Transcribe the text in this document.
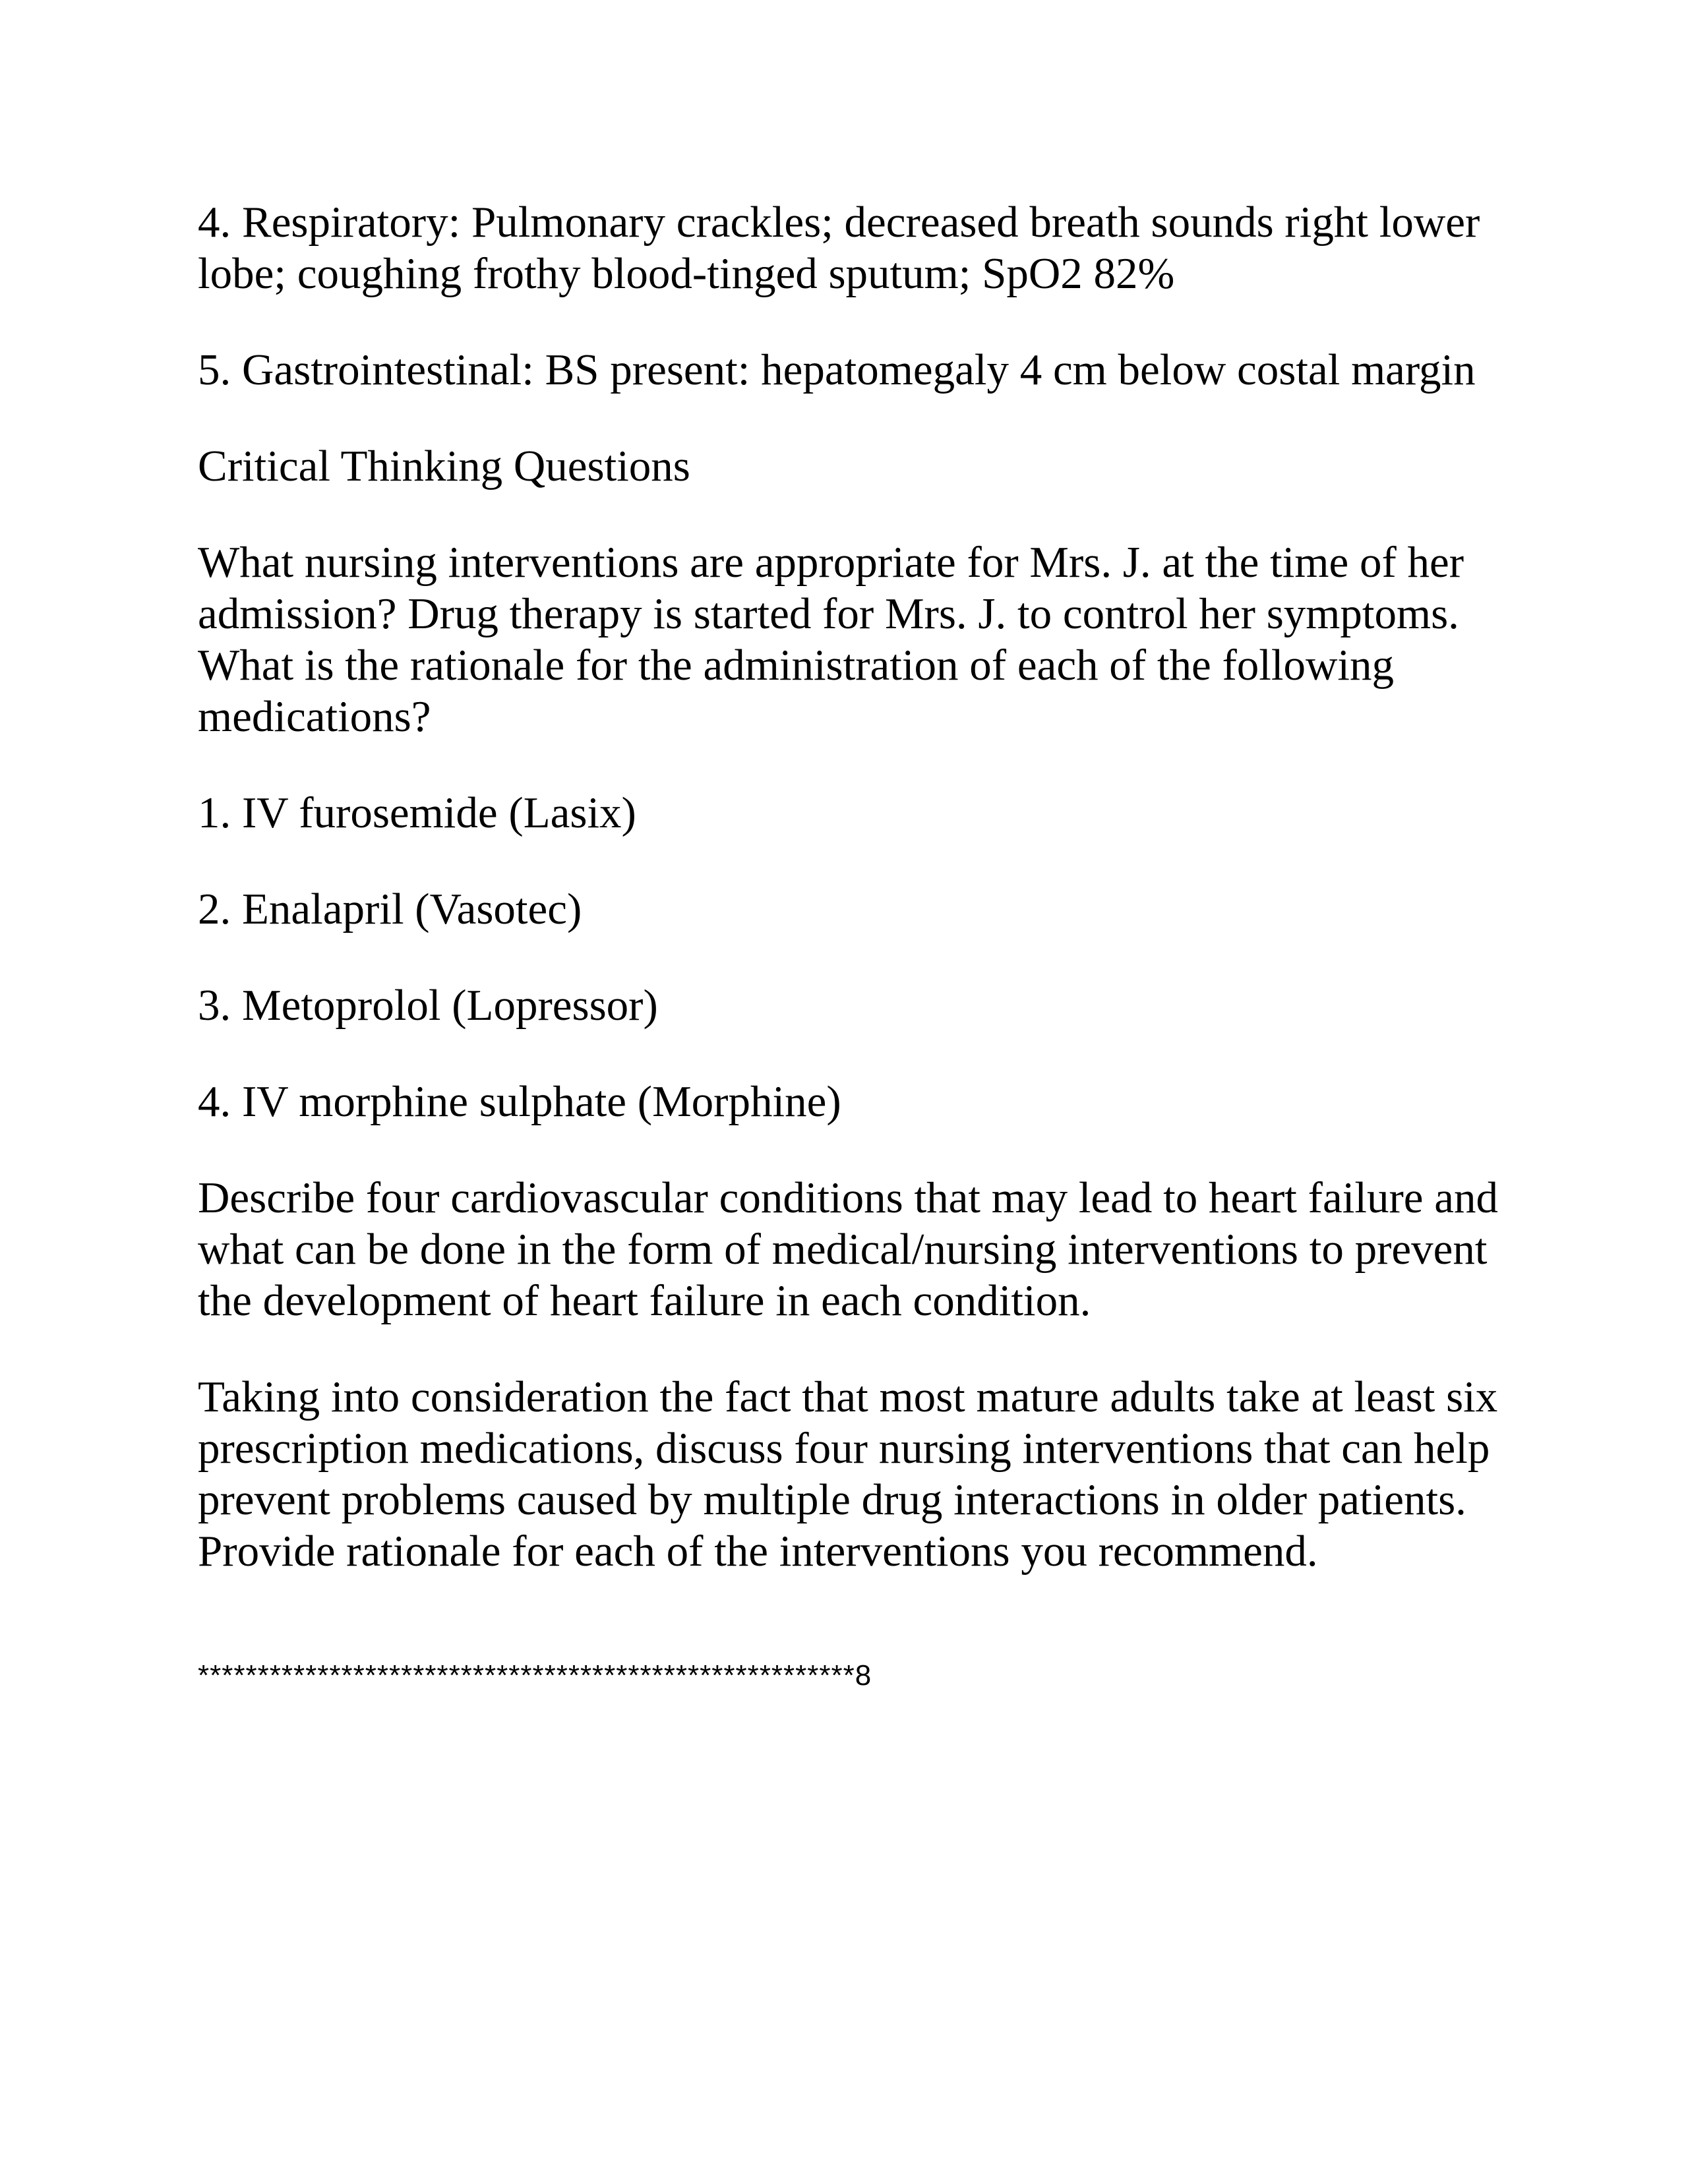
4. Respiratory: Pulmonary crackles; decreased breath sounds right lower lobe; coughing frothy blood-tinged sputum; SpO2 82%

5. Gastrointestinal: BS present: hepatomegaly 4 cm below costal margin

Critical Thinking Questions

What nursing interventions are appropriate for Mrs. J. at the time of her admission? Drug therapy is started for Mrs. J. to control her symptoms. What is the rationale for the administration of each of the following medications?

1. IV furosemide (Lasix)

2. Enalapril (Vasotec)

3. Metoprolol (Lopressor)

4. IV morphine sulphate (Morphine)

Describe four cardiovascular conditions that may lead to heart failure and what can be done in the form of medical/nursing interventions to prevent the development of heart failure in each condition.

Taking into consideration the fact that most mature adults take at least six prescription medications, discuss four nursing interventions that can help prevent problems caused by multiple drug interactions in older patients. Provide rationale for each of the interventions you recommend.

*******************************************************8
